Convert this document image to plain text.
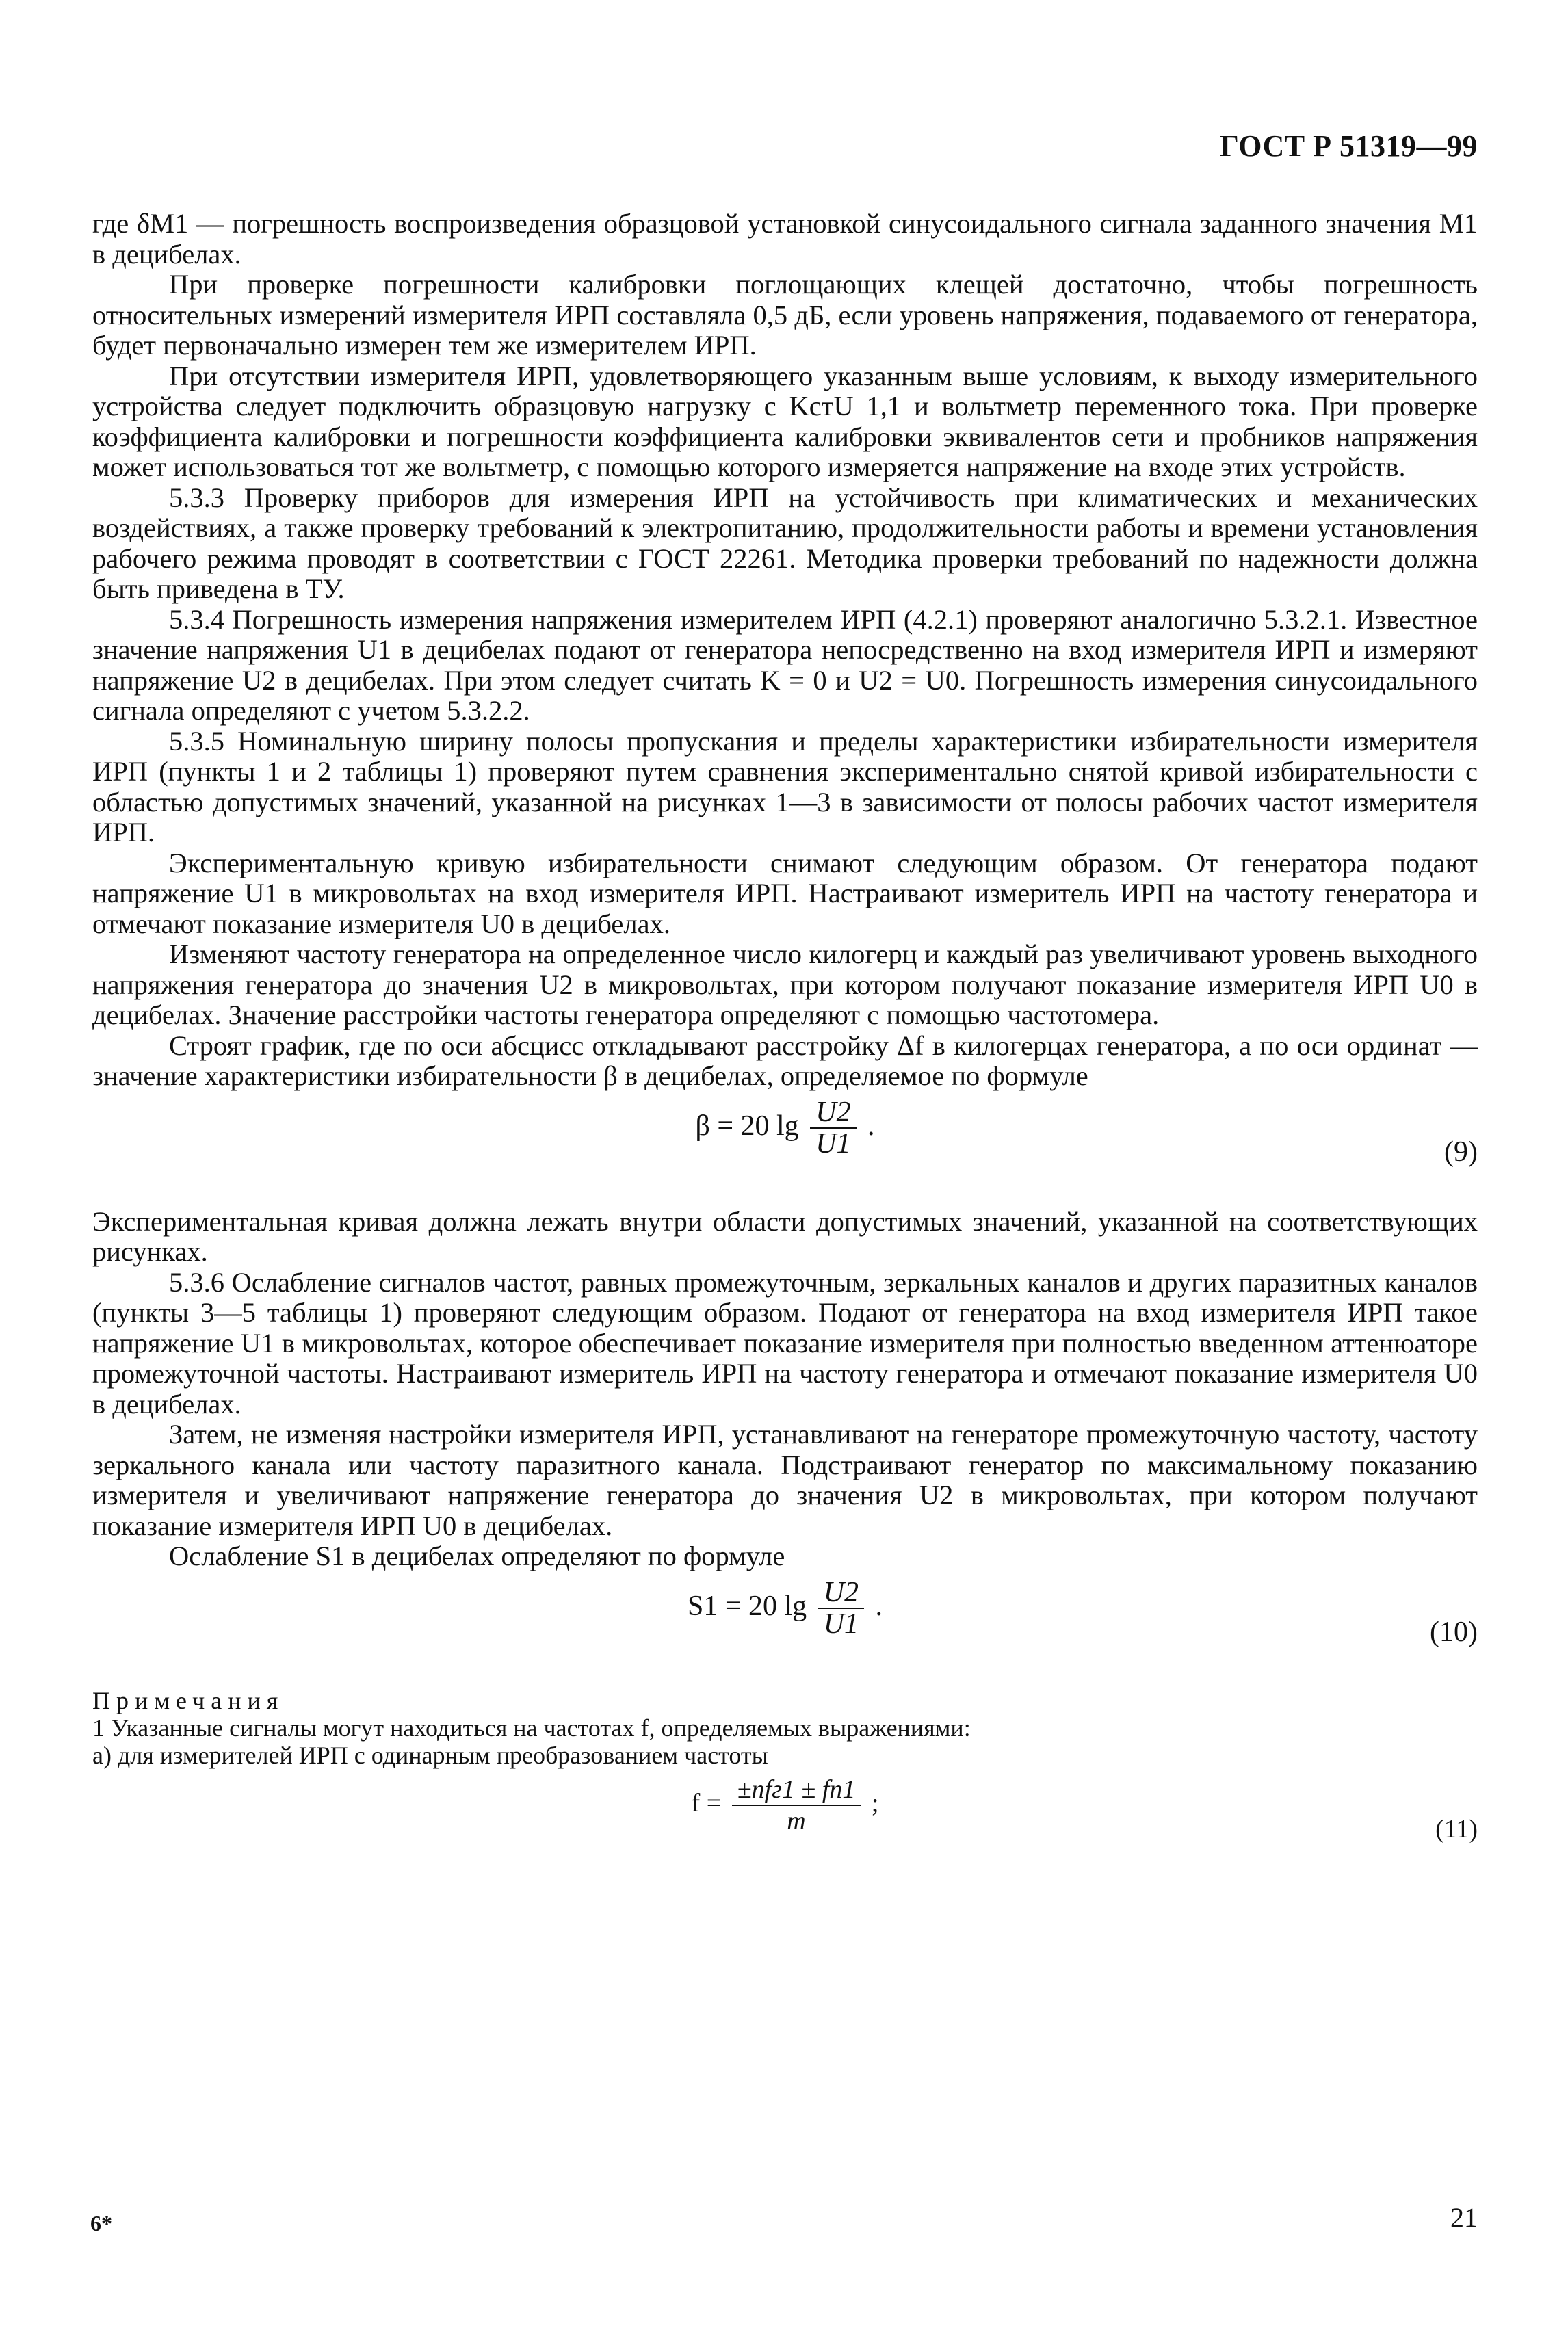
ГОСТ Р 51319—99

где δМ1 — погрешность воспроизведения образцовой установкой синусоидального сигнала заданного значения M1 в децибелах.

При проверке погрешности калибровки поглощающих клещей достаточно, чтобы погрешность относительных измерений измерителя ИРП составляла 0,5 дБ, если уровень напряжения, подаваемого от генератора, будет первоначально измерен тем же измерителем ИРП.

При отсутствии измерителя ИРП, удовлетворяющего указанным выше условиям, к выходу измерительного устройства следует подключить образцовую нагрузку с KстU 1,1 и вольтметр переменного тока. При проверке коэффициента калибровки и погрешности коэффициента калибровки эквивалентов сети и пробников напряжения может использоваться тот же вольтметр, с помощью которого измеряется напряжение на входе этих устройств.

5.3.3 Проверку приборов для измерения ИРП на устойчивость при климатических и механических воздействиях, а также проверку требований к электропитанию, продолжительности работы и времени установления рабочего режима проводят в соответствии с ГОСТ 22261. Методика проверки требований по надежности должна быть приведена в ТУ.

5.3.4 Погрешность измерения напряжения измерителем ИРП (4.2.1) проверяют аналогично 5.3.2.1. Известное значение напряжения U1 в децибелах подают от генератора непосредственно на вход измерителя ИРП и измеряют напряжение U2 в децибелах. При этом следует считать K = 0 и U2 = U0. Погрешность измерения синусоидального сигнала определяют с учетом 5.3.2.2.

5.3.5 Номинальную ширину полосы пропускания и пределы характеристики избирательности измерителя ИРП (пункты 1 и 2 таблицы 1) проверяют путем сравнения экспериментально снятой кривой избирательности с областью допустимых значений, указанной на рисунках 1—3 в зависимости от полосы рабочих частот измерителя ИРП.

Экспериментальную кривую избирательности снимают следующим образом. От генератора подают напряжение U1 в микровольтах на вход измерителя ИРП. Настраивают измеритель ИРП на частоту генератора и отмечают показание измерителя U0 в децибелах.

Изменяют частоту генератора на определенное число килогерц и каждый раз увеличивают уровень выходного напряжения генератора до значения U2 в микровольтах, при котором получают показание измерителя ИРП U0 в децибелах. Значение расстройки частоты генератора определяют с помощью частотомера.

Строят график, где по оси абсцисс откладывают расстройку Δf в килогерцах генератора, а по оси ординат — значение характеристики избирательности β в децибелах, определяемое по формуле

β = 20 $\lg \frac{U2}{U1}$ .
(9)

Экспериментальная кривая должна лежать внутри области допустимых значений, указанной на соответствующих рисунках.

5.3.6 Ослабление сигналов частот, равных промежуточным, зеркальных каналов и других паразитных каналов (пункты 3—5 таблицы 1) проверяют следующим образом. Подают от генератора на вход измерителя ИРП такое напряжение U1 в микровольтах, которое обеспечивает показание измерителя при полностью введенном аттенюаторе промежуточной частоты. Настраивают измеритель ИРП на частоту генератора и отмечают показание измерителя U0 в децибелах.

Затем, не изменяя настройки измерителя ИРП, устанавливают на генераторе промежуточную частоту, частоту зеркального канала или частоту паразитного канала. Подстраивают генератор по максимальному показанию измерителя и увеличивают напряжение генератора до значения U2 в микровольтах, при котором получают показание измерителя ИРП U0 в децибелах.

Ослабление S1 в децибелах определяют по формуле

S1 = 20 $\lg \frac{U2}{U1}$ .
(10)

Примечания

1 Указанные сигналы могут находиться на частотах f, определяемых выражениями:

а) для измерителей ИРП с одинарным преобразованием частоты

$f = \frac{\text{±nfг1 ± fп1}}{m}$ ;
(11)
6*	21
